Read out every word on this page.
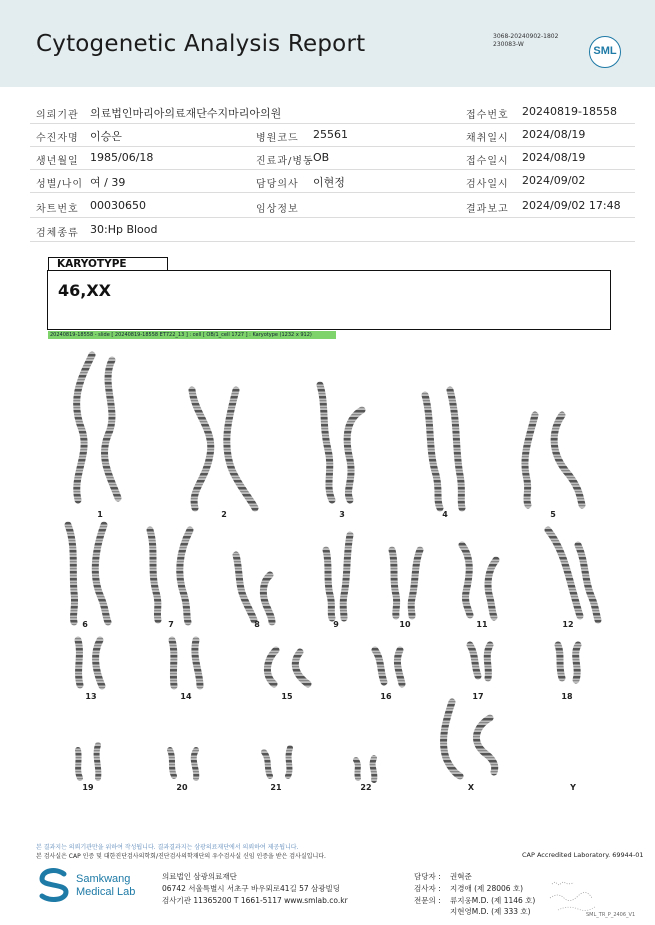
Cytogenetic Analysis Report	3068-20240902-1802
230083-W
SML
의뢰기관 의료법인마리아의료재단수지마리아의원	접수번호 20240819-18558
수진자명 이승은	병원코드 25561	채취일시 2024/08/19
생년월일 1985/06/18	진료과/병동 OB	접수일시 2024/08/19
성별/나이 여 / 39	담당의사 이현정	검사일시 2024/09/02
차트번호 00030650	임상정보	결과보고 2024/09/02 17:48
검체종류 30:Hp Blood
KARYOTYPE
46,XX
20240819-18558 - slide [ 20240819-18558 ET722_13 ] : cell [ OB/1_cell 1727 ] : Karyotype (1232 x 912)
1	2	3	4	5
6	7	8	9	10	11	12
13	14	15	16	17	18
19	20	21	22	X	Y
본 결과지는 의뢰기관만을 위하여 작성됩니다. 결과결과지는 삼광의료재단에서 의뢰하여 제공됩니다.
본 검사실은 CAP 인증 및 대한진단검사의학회/진단검사의학재단의 우수검사실 신임 인증을 받은 검사실입니다.	CAP Accredited Laboratory. 69944-01
Samkwang
Medical Lab
의료법인 삼광의료재단
06742 서울특별시 서초구 바우뫼로41길 57 삼광빌딩
검사기관 11365200 T 1661-5117 www.smlab.co.kr
담당자 : 권혁준
검사자 : 지경애 (제 28006 호)
전문의 : 류지웅M.D. (제 1146 호)
지현영M.D. (제 333 호)	SML_TR_P_2406_V1
